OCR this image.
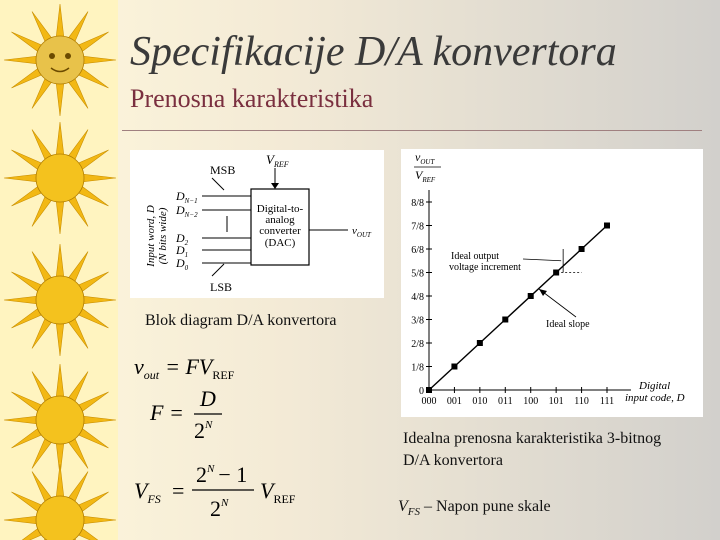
Specifikacije D/A konvertora
Prenosna karakteristika
Input word, D (N bits wide)
MSB
LSB
$V_{REF}$
Digital-to-
analog
converter
(DAC)
$D_{N-1}$
$D_{N-2}$
$D_2$
$D_1$
$D_0$
$v_{OUT}$
Blok diagram D/A konvertora
$v_{OUT}$
$V_{REF}$
0
1/8
2/8
3/8
4/8
5/8
6/8
7/8
8/8
000 001 010 011 100 101 110 111
Digital
input code, D
Ideal output
voltage increment
Ideal slope
Idealna prenosna karakteristika 3-bitnog
D/A konvertora
$v_{out} = FV_{REF}$
F =
D
$2^N$
$V_{FS}$ =
$2^N - 1$
$2^N$ $V_{REF}$	$V_{FS}$ – Napon pune skale
